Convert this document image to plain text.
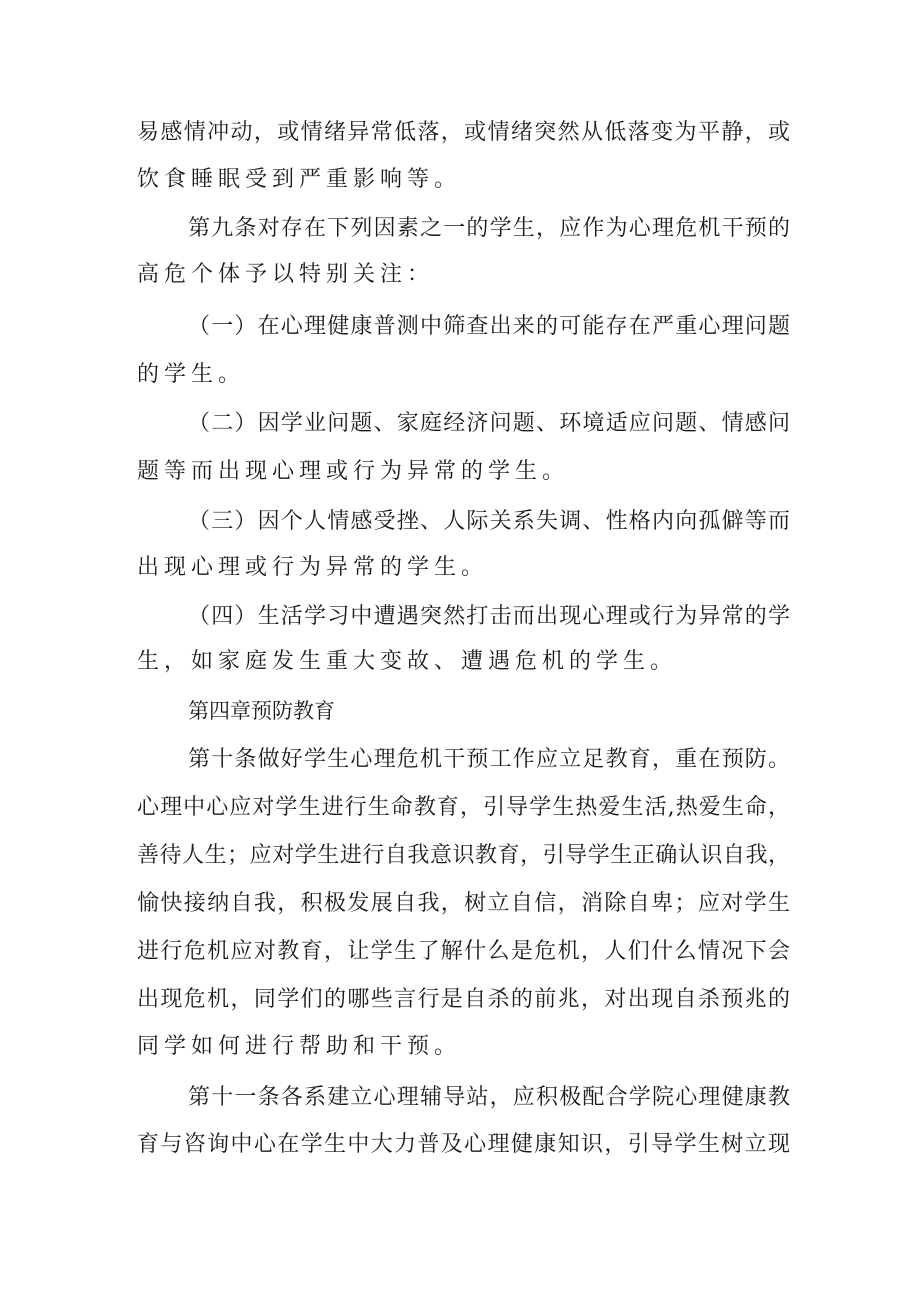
易感情冲动，或情绪异常低落，或情绪突然从低落变为平静，或
饮食睡眠受到严重影响等。
第九条对存在下列因素之一的学生，应作为心理危机干预的
高危个体予以特别关注：
（一）在心理健康普测中筛查出来的可能存在严重心理问题
的学生。
（二）因学业问题、家庭经济问题、环境适应问题、情感问
题等而出现心理或行为异常的学生。
（三）因个人情感受挫、人际关系失调、性格内向孤僻等而
出现心理或行为异常的学生。
（四）生活学习中遭遇突然打击而出现心理或行为异常的学
生，如家庭发生重大变故、遭遇危机的学生。
第四章预防教育
第十条做好学生心理危机干预工作应立足教育，重在预防。
心理中心应对学生进行生命教育，引导学生热爱生活,热爱生命，
善待人生；应对学生进行自我意识教育，引导学生正确认识自我，
愉快接纳自我，积极发展自我，树立自信，消除自卑；应对学生
进行危机应对教育，让学生了解什么是危机，人们什么情况下会
出现危机，同学们的哪些言行是自杀的前兆，对出现自杀预兆的
同学如何进行帮助和干预。
第十一条各系建立心理辅导站，应积极配合学院心理健康教
育与咨询中心在学生中大力普及心理健康知识，引导学生树立现
